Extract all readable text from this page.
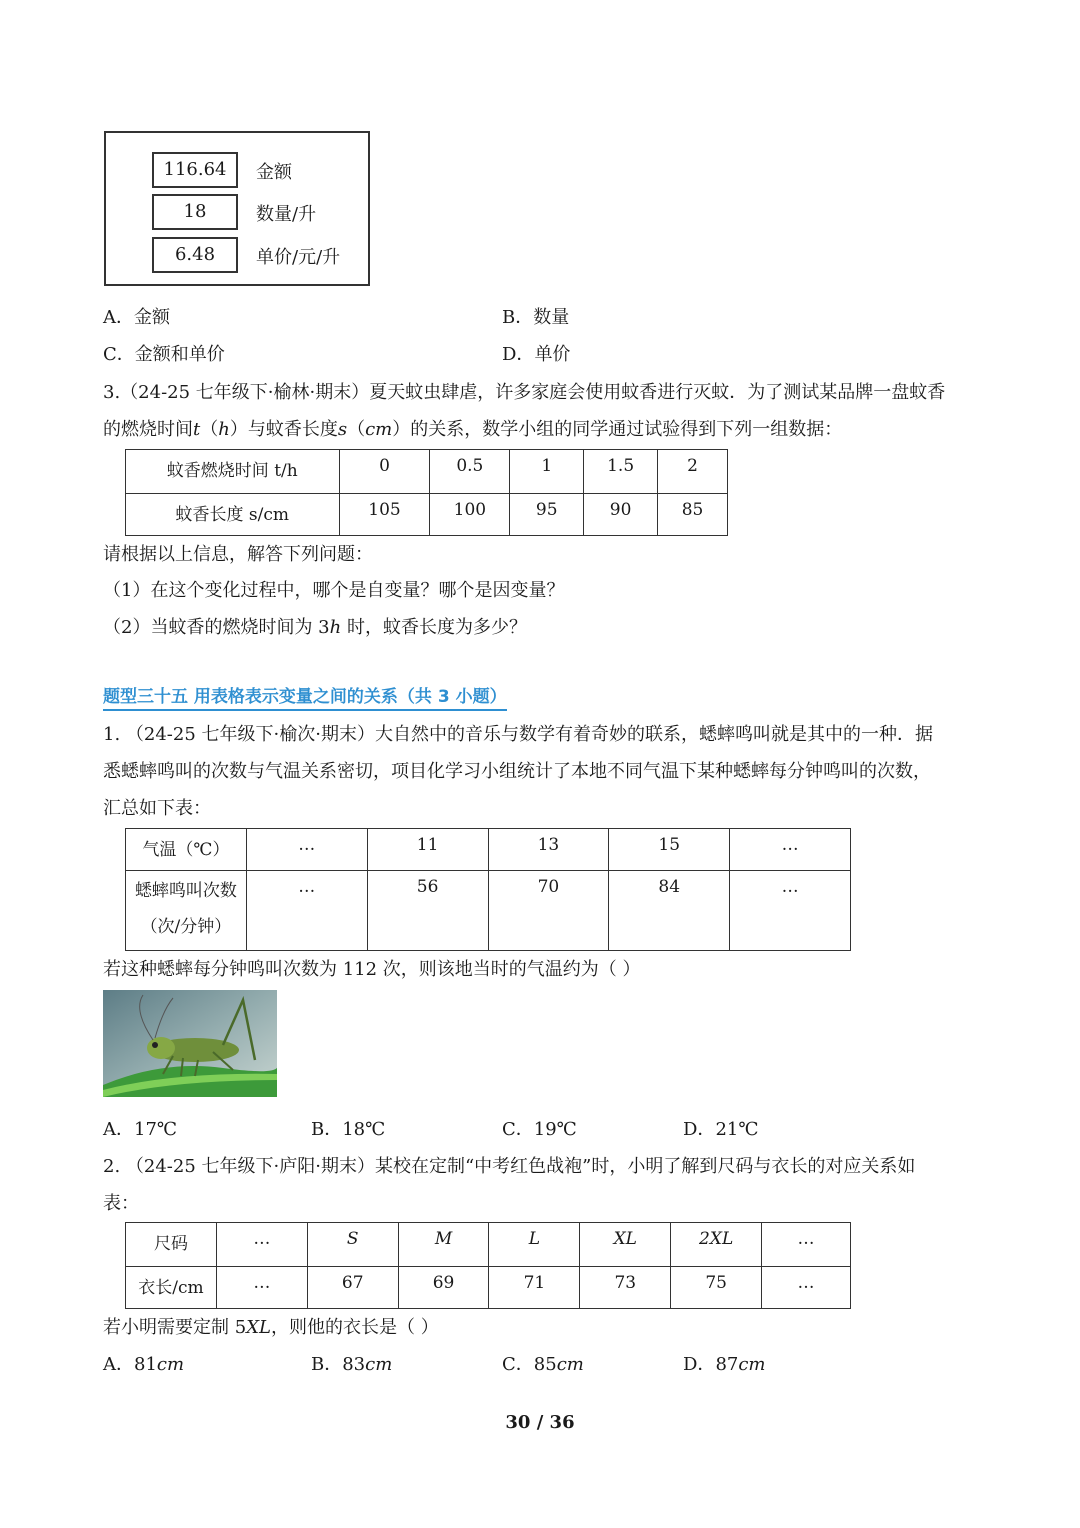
116.64	金额
18	数量/升
6.48	单价/元/升
A．金额	B．数量
C．金额和单价	D．单价
3.（24-25 七年级下·榆林·期末）夏天蚊虫肆虐，许多家庭会使用蚊香进行灭蚊．为了测试某品牌一盘蚊香
的燃烧时间t（h）与蚊香长度s（cm）的关系，数学小组的同学通过试验得到下列一组数据：
蚊香燃烧时间 t/h	0	0.5	1	1.5	2
蚊香长度 s/cm	105	100	95	90	85
请根据以上信息，解答下列问题：
（1）在这个变化过程中，哪个是自变量？哪个是因变量？
（2）当蚊香的燃烧时间为 3h 时，蚊香长度为多少？
题型三十五 用表格表示变量之间的关系（共 3 小题）
1. （24-25 七年级下·榆次·期末）大自然中的音乐与数学有着奇妙的联系，蟋蟀鸣叫就是其中的一种．据
悉蟋蟀鸣叫的次数与气温关系密切，项目化学习小组统计了本地不同气温下某种蟋蟀每分钟鸣叫的次数，
汇总如下表：
气温（℃）	…	11	13	15	…

蟋蟀鸣叫次数
（次/分钟）	…	56	70	84	…
若这种蟋蟀每分钟鸣叫次数为 112 次，则该地当时的气温约为（ ）
A．17℃	B．18℃	C．19℃	D．21℃
2. （24-25 七年级下·庐阳·期末）某校在定制“中考红色战袍”时，小明了解到尺码与衣长的对应关系如
表：
尺码	…	S	M	L	XL	2XL	…
衣长/cm	…	67	69	71	73	75	…
若小明需要定制 5XL，则他的衣长是（ ）
A．81cm	B．83cm	C．85cm	D．87cm
30 / 36
